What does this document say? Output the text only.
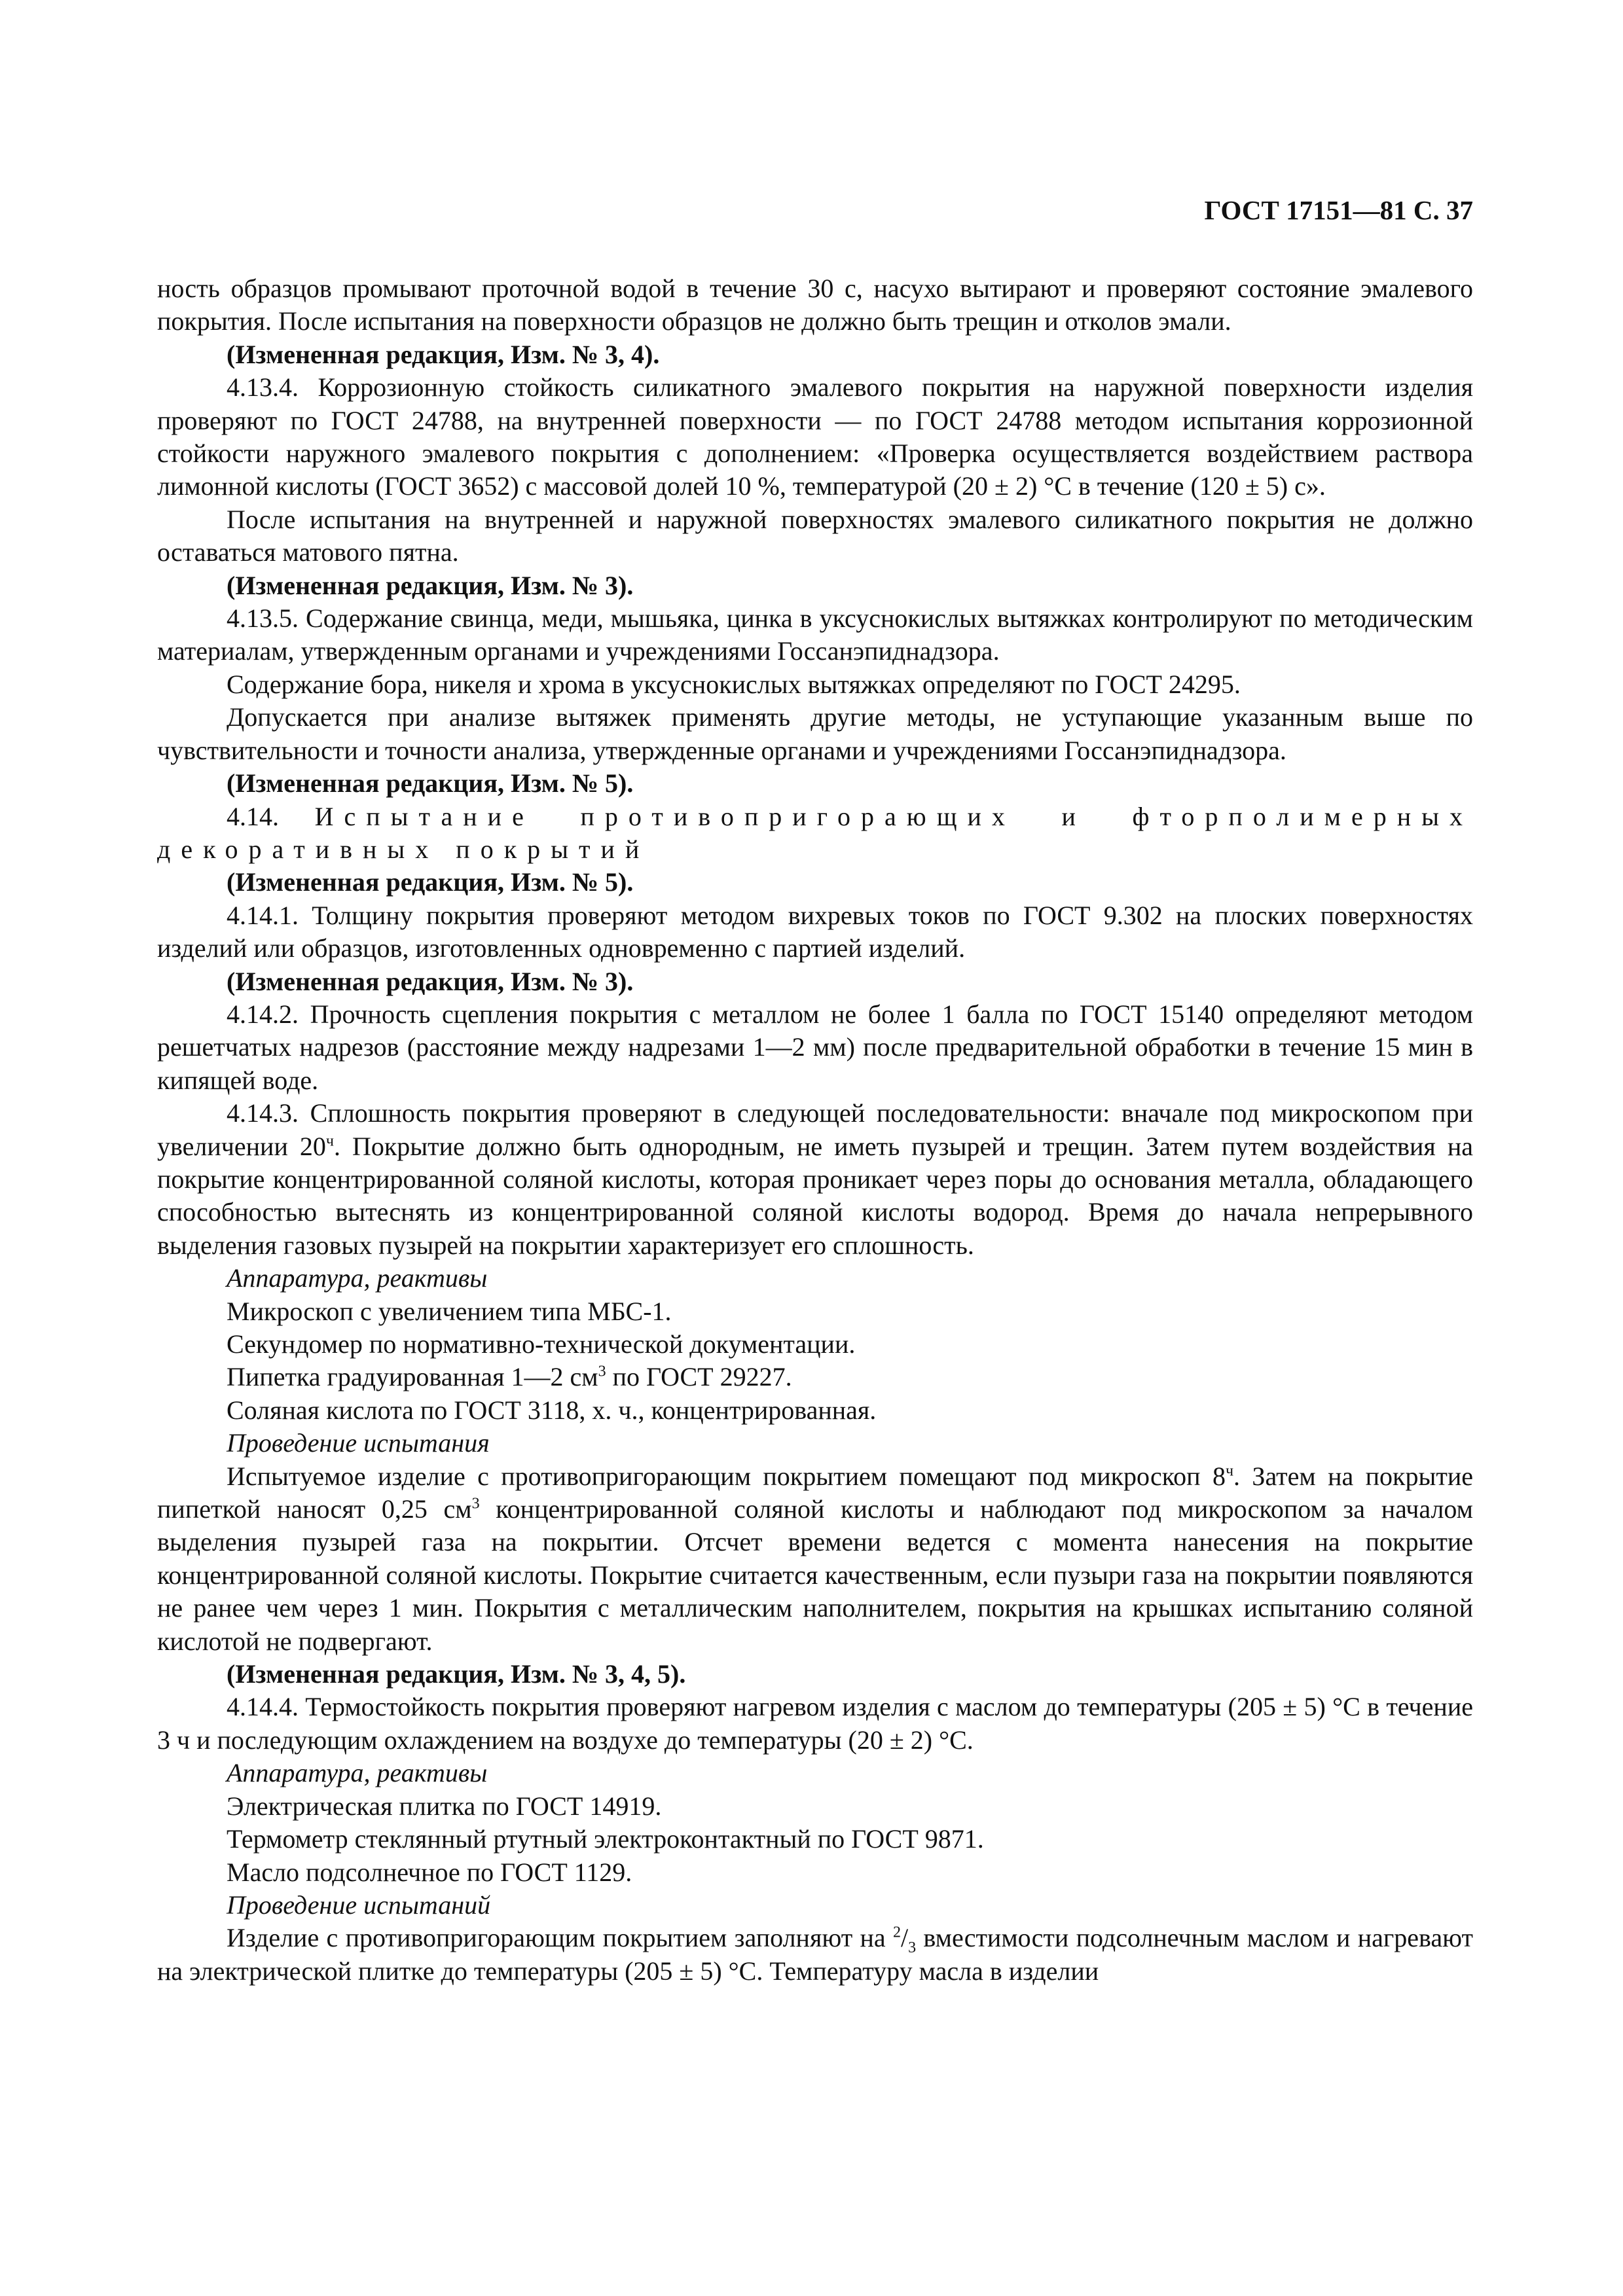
ГОСТ 17151—81 С. 37

ность образцов промывают проточной водой в течение 30 с, насухо вытирают и проверяют состояние эмалевого покрытия. После испытания на поверхности образцов не должно быть трещин и отколов эмали.

(Измененная редакция, Изм. № 3, 4).

4.13.4. Коррозионную стойкость силикатного эмалевого покрытия на наружной поверхности изделия проверяют по ГОСТ 24788, на внутренней поверхности — по ГОСТ 24788 методом испытания коррозионной стойкости наружного эмалевого покрытия с дополнением: «Проверка осуществляется воздействием раствора лимонной кислоты (ГОСТ 3652) с массовой долей 10 %, температурой (20 ± 2) °С в течение (120 ± 5) с».

После испытания на внутренней и наружной поверхностях эмалевого силикатного покрытия не должно оставаться матового пятна.

(Измененная редакция, Изм. № 3).

4.13.5. Содержание свинца, меди, мышьяка, цинка в уксуснокислых вытяжках контролируют по методическим материалам, утвержденным органами и учреждениями Госсанэпиднадзора.

Содержание бора, никеля и хрома в уксуснокислых вытяжках определяют по ГОСТ 24295.

Допускается при анализе вытяжек применять другие методы, не уступающие указанным выше по чувствительности и точности анализа, утвержденные органами и учреждениями Госсанэпиднадзора.

(Измененная редакция, Изм. № 5).

4.14. Испытание противопригорающих и фторполимерных декоративных покрытий

(Измененная редакция, Изм. № 5).

4.14.1. Толщину покрытия проверяют методом вихревых токов по ГОСТ 9.302 на плоских поверхностях изделий или образцов, изготовленных одновременно с партией изделий.

(Измененная редакция, Изм. № 3).

4.14.2. Прочность сцепления покрытия с металлом не более 1 балла по ГОСТ 15140 определяют методом решетчатых надрезов (расстояние между надрезами 1—2 мм) после предварительной обработки в течение 15 мин в кипящей воде.

4.14.3. Сплошность покрытия проверяют в следующей последовательности: вначале под микроскопом при увеличении $20^ч$. Покрытие должно быть однородным, не иметь пузырей и трещин. Затем путем воздействия на покрытие концентрированной соляной кислоты, которая проникает через поры до основания металла, обладающего способностью вытеснять из концентрированной соляной кислоты водород. Время до начала непрерывного выделения газовых пузырей на покрытии характеризует его сплошность.

Аппаратура, реактивы

Микроскоп с увеличением типа МБС-1.

Секундомер по нормативно-технической документации.

Пипетка градуированная 1—2 $см^3$ по ГОСТ 29227.

Соляная кислота по ГОСТ 3118, х. ч., концентрированная.

Проведение испытания

Испытуемое изделие с противопригорающим покрытием помещают под микроскоп $8^ч$. Затем на покрытие пипеткой наносят 0,25 $см^3$ концентрированной соляной кислоты и наблюдают под микроскопом за началом выделения пузырей газа на покрытии. Отсчет времени ведется с момента нанесения на покрытие концентрированной соляной кислоты. Покрытие считается качественным, если пузыри газа на покрытии появляются не ранее чем через 1 мин. Покрытия с металлическим наполнителем, покрытия на крышках испытанию соляной кислотой не подвергают.

(Измененная редакция, Изм. № 3, 4, 5).

4.14.4. Термостойкость покрытия проверяют нагревом изделия с маслом до температуры (205 ± 5) °С в течение 3 ч и последующим охлаждением на воздухе до температуры (20 ± 2) °С.

Аппаратура, реактивы

Электрическая плитка по ГОСТ 14919.

Термометр стеклянный ртутный электроконтактный по ГОСТ 9871.

Масло подсолнечное по ГОСТ 1129.

Проведение испытаний

Изделие с противопригорающим покрытием заполняют на $^2/_3$ вместимости подсолнечным маслом и нагревают на электрической плитке до температуры (205 ± 5) °С. Температуру масла в изделии
